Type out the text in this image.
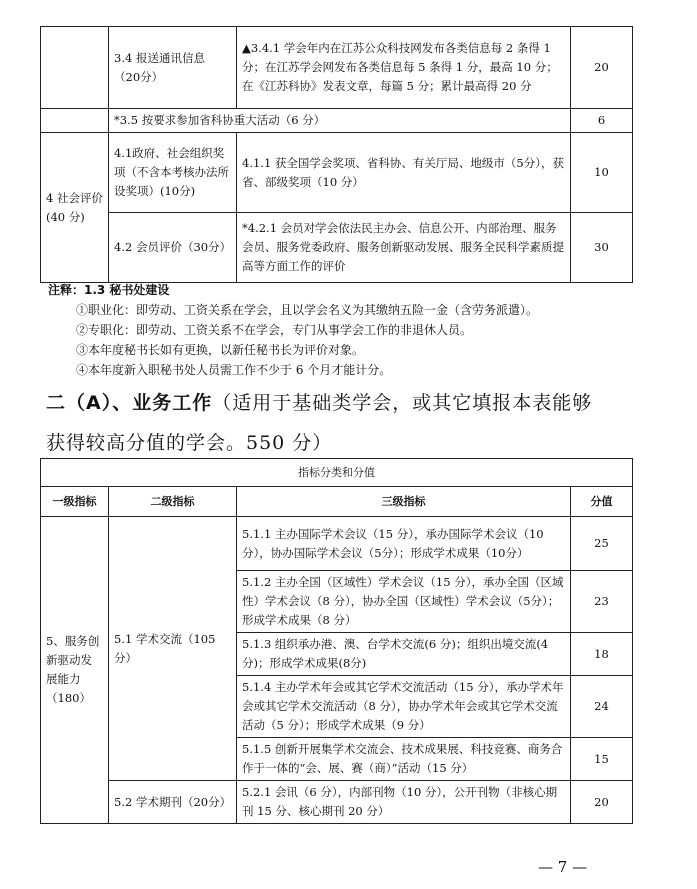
	3.4 报送通讯信息（20分）	▲3.4.1 学会年内在江苏公众科技网发布各类信息每 2 条得 1 分；在江苏学会网发布各类信息每 5 条得 1 分，最高 10 分；在《江苏科协》发表文章，每篇 5 分；累计最高得 20 分	20
	*3.5 按要求参加省科协重大活动（6 分）		6
4 社会评价(40 分)	4.1政府、社会组织奖项（不含本考核办法所设奖项）(10分)	4.1.1 获全国学会奖项、省科协、有关厅局、地级市（5分），获省、部级奖项（10 分）	10
	4.2 会员评价（30分）	*4.2.1 会员对学会依法民主办会、信息公开、内部治理、服务会员、服务党委政府、服务创新驱动发展、服务全民科学素质提高等方面工作的评价	30
注释：1.3 秘书处建设
①职业化：即劳动、工资关系在学会，且以学会名义为其缴纳五险一金（含劳务派遣）。
②专职化：即劳动、工资关系不在学会，专门从事学会工作的非退休人员。
③本年度秘书长如有更换，以新任秘书长为评价对象。
④本年度新入职秘书处人员需工作不少于 6 个月才能计分。
二（A）、业务工作（适用于基础类学会，或其它填报本表能够
获得较高分值的学会。550 分）
指标分类和分值			
一级指标	二级指标	三级指标	分值
5、服务创新驱动发展能力（180）	5.1 学术交流（105分）	5.1.1 主办国际学术会议（15 分），承办国际学术会议（10分），协办国际学术会议（5分）；形成学术成果（10分）	25
		5.1.2 主办全国（区域性）学术会议（15 分），承办全国（区域性）学术会议（8 分），协办全国（区域性）学术会议（5分）；形成学术成果（8 分）	23
		5.1.3 组织承办港、澳、台学术交流(6 分)；组织出境交流(4分)；形成学术成果(8分)	18
		5.1.4 主办学术年会或其它学术交流活动（15 分），承办学术年会或其它学术交流活动（8 分），协办学术年会或其它学术交流活动（5 分）；形成学术成果（9 分）	24
		5.1.5 创新开展集学术交流会、技术成果展、科技竞赛、商务合作于一体的“会、展、赛（商）”活动（15 分）	15
	5.2 学术期刊（20分）	5.2.1 会讯（6 分），内部刊物（10 分），公开刊物（非核心期刊 15 分、核心期刊 20 分）	20
— 7 —
